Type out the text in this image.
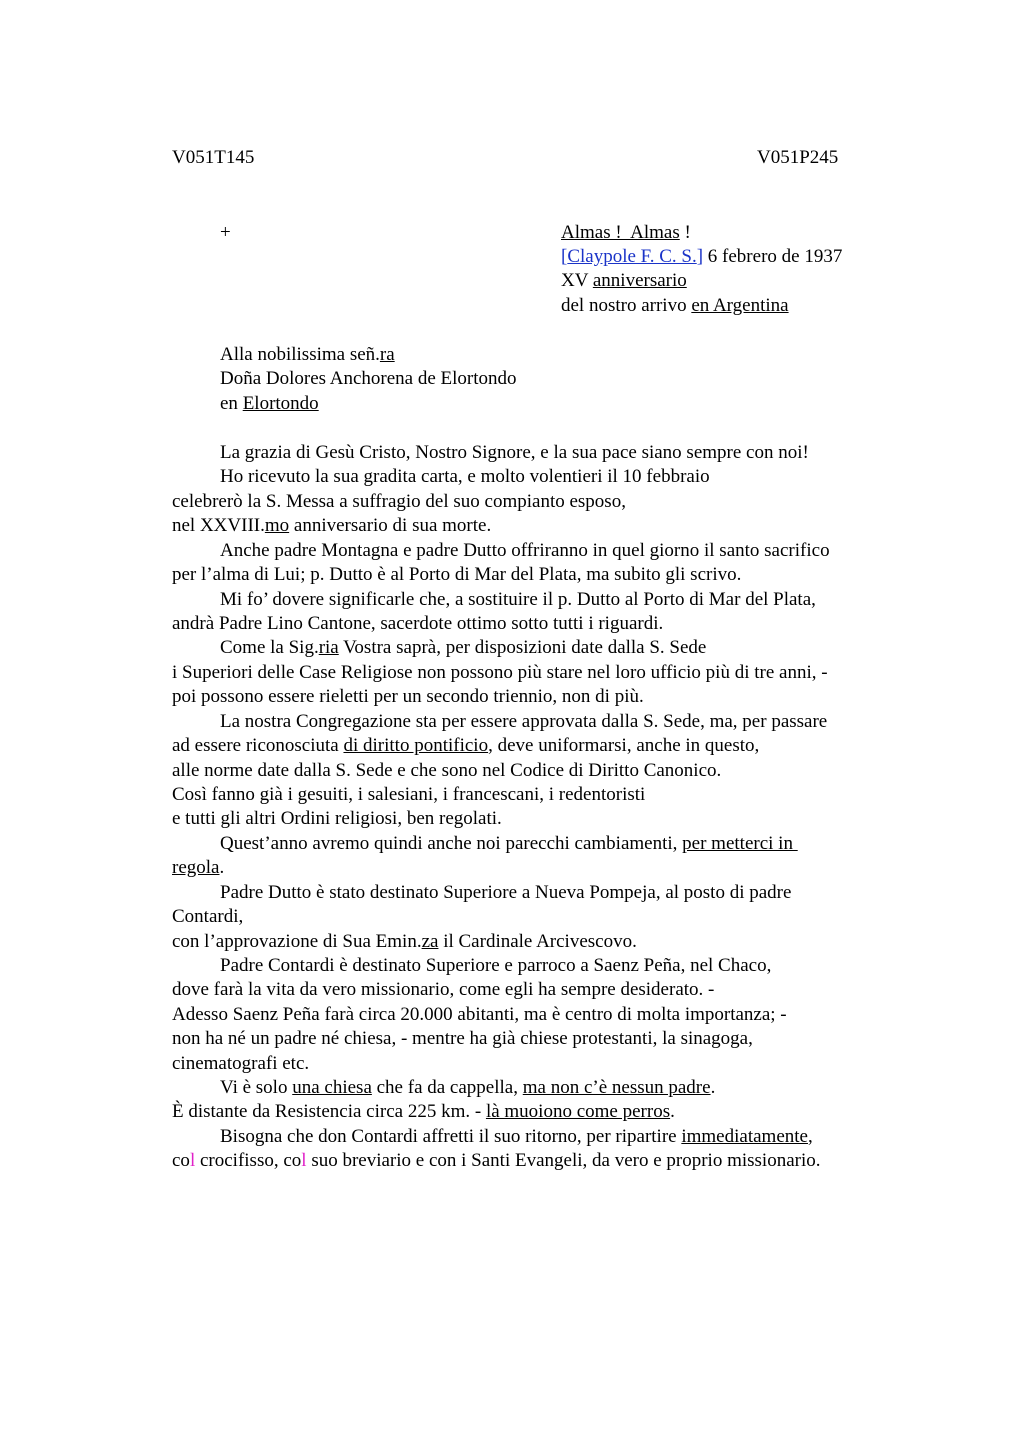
V051T145	V051P245
+	Almas !  Almas !
[Claypole F. C. S.] 6 febrero de 1937
XV anniversario
del nostro arrivo en Argentina
Alla nobilissima señ.ra
Doña Dolores Anchorena de Elortondo
en Elortondo
La grazia di Gesù Cristo, Nostro Signore, e la sua pace siano sempre con noi!
Ho ricevuto la sua gradita carta, e molto volentieri il 10 febbraio
celebrerò la S. Messa a suffragio del suo compianto esposo,
nel XXVIII.mo anniversario di sua morte.
Anche padre Montagna e padre Dutto offriranno in quel giorno il santo sacrifico
per l’alma di Lui; p. Dutto è al Porto di Mar del Plata, ma subito gli scrivo.
Mi fo’ dovere significarle che, a sostituire il p. Dutto al Porto di Mar del Plata,
andrà Padre Lino Cantone, sacerdote ottimo sotto tutti i riguardi.
Come la Sig.ria Vostra saprà, per disposizioni date dalla S. Sede
i Superiori delle Case Religiose non possono più stare nel loro ufficio più di tre anni, -
poi possono essere rieletti per un secondo triennio, non di più.
La nostra Congregazione sta per essere approvata dalla S. Sede, ma, per passare
ad essere riconosciuta di diritto pontificio, deve uniformarsi, anche in questo,
alle norme date dalla S. Sede e che sono nel Codice di Diritto Canonico.
Così fanno già i gesuiti, i salesiani, i francescani, i redentoristi
e tutti gli altri Ordini religiosi, ben regolati.
Quest’anno avremo quindi anche noi parecchi cambiamenti, per metterci in
regola.
Padre Dutto è stato destinato Superiore a Nueva Pompeja, al posto di padre
Contardi,
con l’approvazione di Sua Emin.za il Cardinale Arcivescovo.
Padre Contardi è destinato Superiore e parroco a Saenz Peña, nel Chaco,
dove farà la vita da vero missionario, come egli ha sempre desiderato. -
Adesso Saenz Peña farà circa 20.000 abitanti, ma è centro di molta importanza; -
non ha né un padre né chiesa, - mentre ha già chiese protestanti, la sinagoga,
cinematografi etc.
Vi è solo una chiesa che fa da cappella, ma non c’è nessun padre.
È distante da Resistencia circa 225 km. - là muoiono come perros.
Bisogna che don Contardi affretti il suo ritorno, per ripartire immediatamente,
col crocifisso, col suo breviario e con i Santi Evangeli, da vero e proprio missionario.
